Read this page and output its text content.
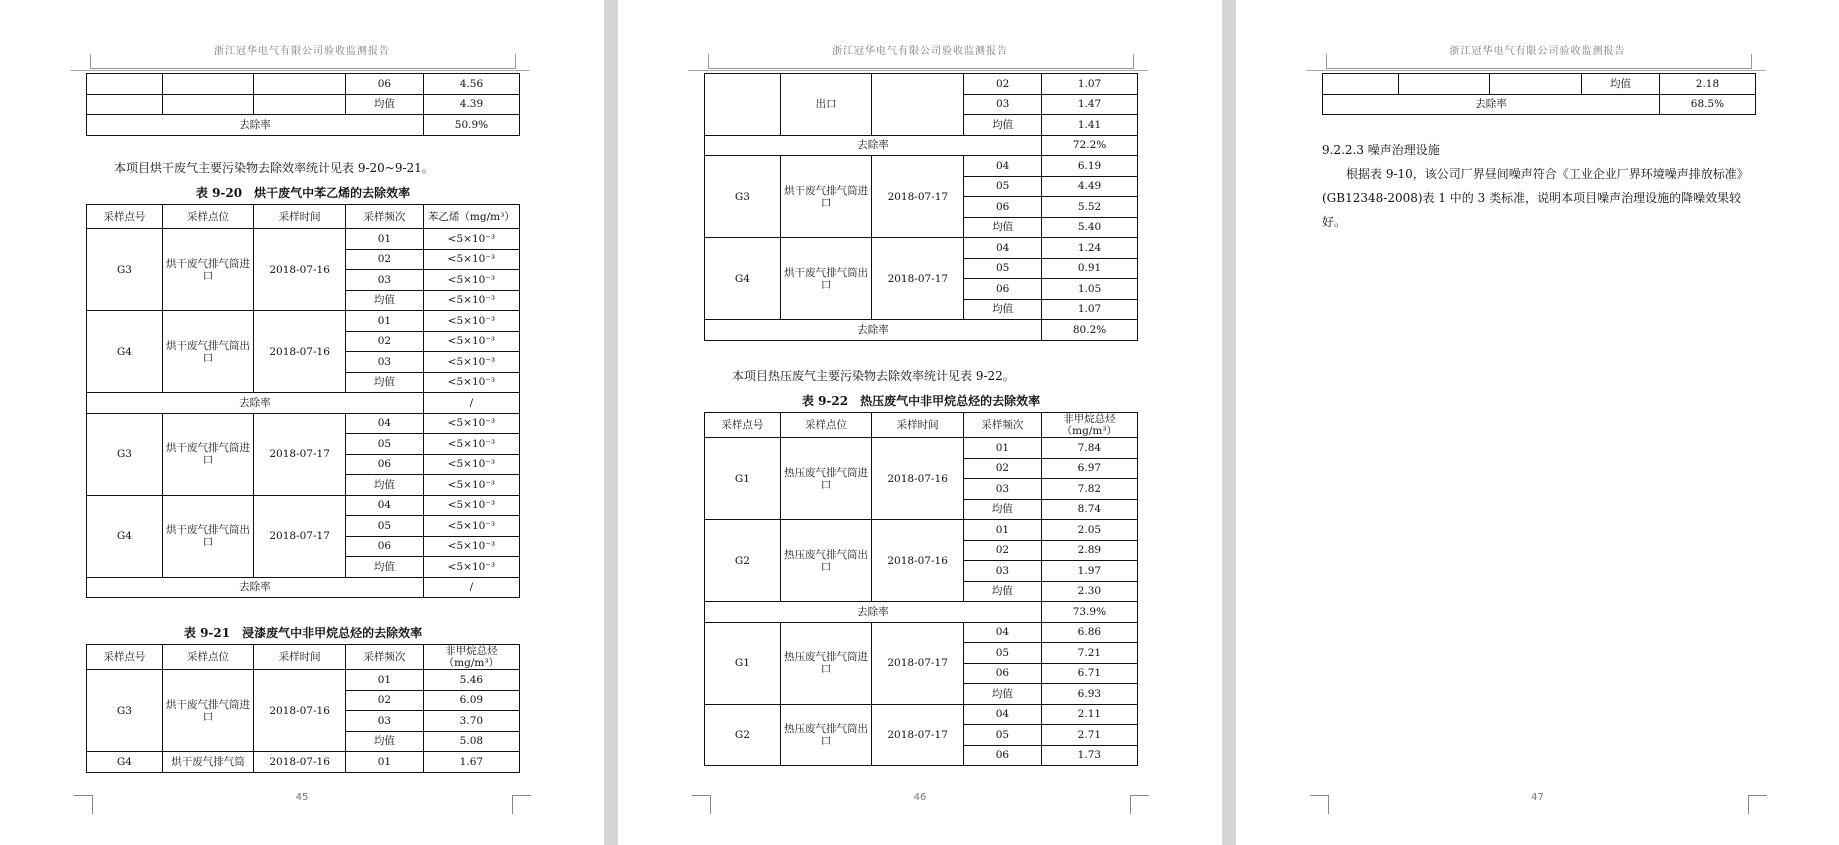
浙江冠华电气有限公司验收监测报告
			06	4.56
			均值	4.39
去除率				50.9%
本项目烘干废气主要污染物去除效率统计见表 9-20~9-21。
表 9-20　烘干废气中苯乙烯的去除效率
采样点号	采样点位	采样时间	采样频次	苯乙烯（mg/m³）
G3	烘干废气排气筒进口	2018-07-16	01	<5×10⁻³
			02	<5×10⁻³
			03	<5×10⁻³
			均值	<5×10⁻³
G4	烘干废气排气筒出口	2018-07-16	01	<5×10⁻³
			02	<5×10⁻³
			03	<5×10⁻³
			均值	<5×10⁻³
去除率				/
G3	烘干废气排气筒进口	2018-07-17	04	<5×10⁻³
			05	<5×10⁻³
			06	<5×10⁻³
			均值	<5×10⁻³
G4	烘干废气排气筒出口	2018-07-17	04	<5×10⁻³
			05	<5×10⁻³
			06	<5×10⁻³
			均值	<5×10⁻³
去除率				/
表 9-21　浸漆废气中非甲烷总烃的去除效率
采样点号	采样点位	采样时间	采样频次	非甲烷总烃（mg/m³）
G3	烘干废气排气筒进口	2018-07-16	01	5.46
			02	6.09
			03	3.70
			均值	5.08
G4	烘干废气排气筒	2018-07-16	01	1.67
45
浙江冠华电气有限公司验收监测报告
	出口		02	1.07
			03	1.47
			均值	1.41
去除率				72.2%
G3	烘干废气排气筒进口	2018-07-17	04	6.19
			05	4.49
			06	5.52
			均值	5.40
G4	烘干废气排气筒出口	2018-07-17	04	1.24
			05	0.91
			06	1.05
			均值	1.07
去除率				80.2%
本项目热压废气主要污染物去除效率统计见表 9-22。
表 9-22　热压废气中非甲烷总烃的去除效率
采样点号	采样点位	采样时间	采样频次	非甲烷总烃（mg/m³）
G1	热压废气排气筒进口	2018-07-16	01	7.84
			02	6.97
			03	7.82
			均值	8.74
G2	热压废气排气筒出口	2018-07-16	01	2.05
			02	2.89
			03	1.97
			均值	2.30
去除率				73.9%
G1	热压废气排气筒进口	2018-07-17	04	6.86
			05	7.21
			06	6.71
			均值	6.93
G2	热压废气排气筒出口	2018-07-17	04	2.11
			05	2.71
			06	1.73
46
浙江冠华电气有限公司验收监测报告
			均值	2.18
去除率				68.5%
9.2.2.3 噪声治理设施
根据表 9-10，该公司厂界昼间噪声符合《工业企业厂界环境噪声排放标准》(GB12348-2008)表 1 中的 3 类标准，说明本项目噪声治理设施的降噪效果较好。
47
